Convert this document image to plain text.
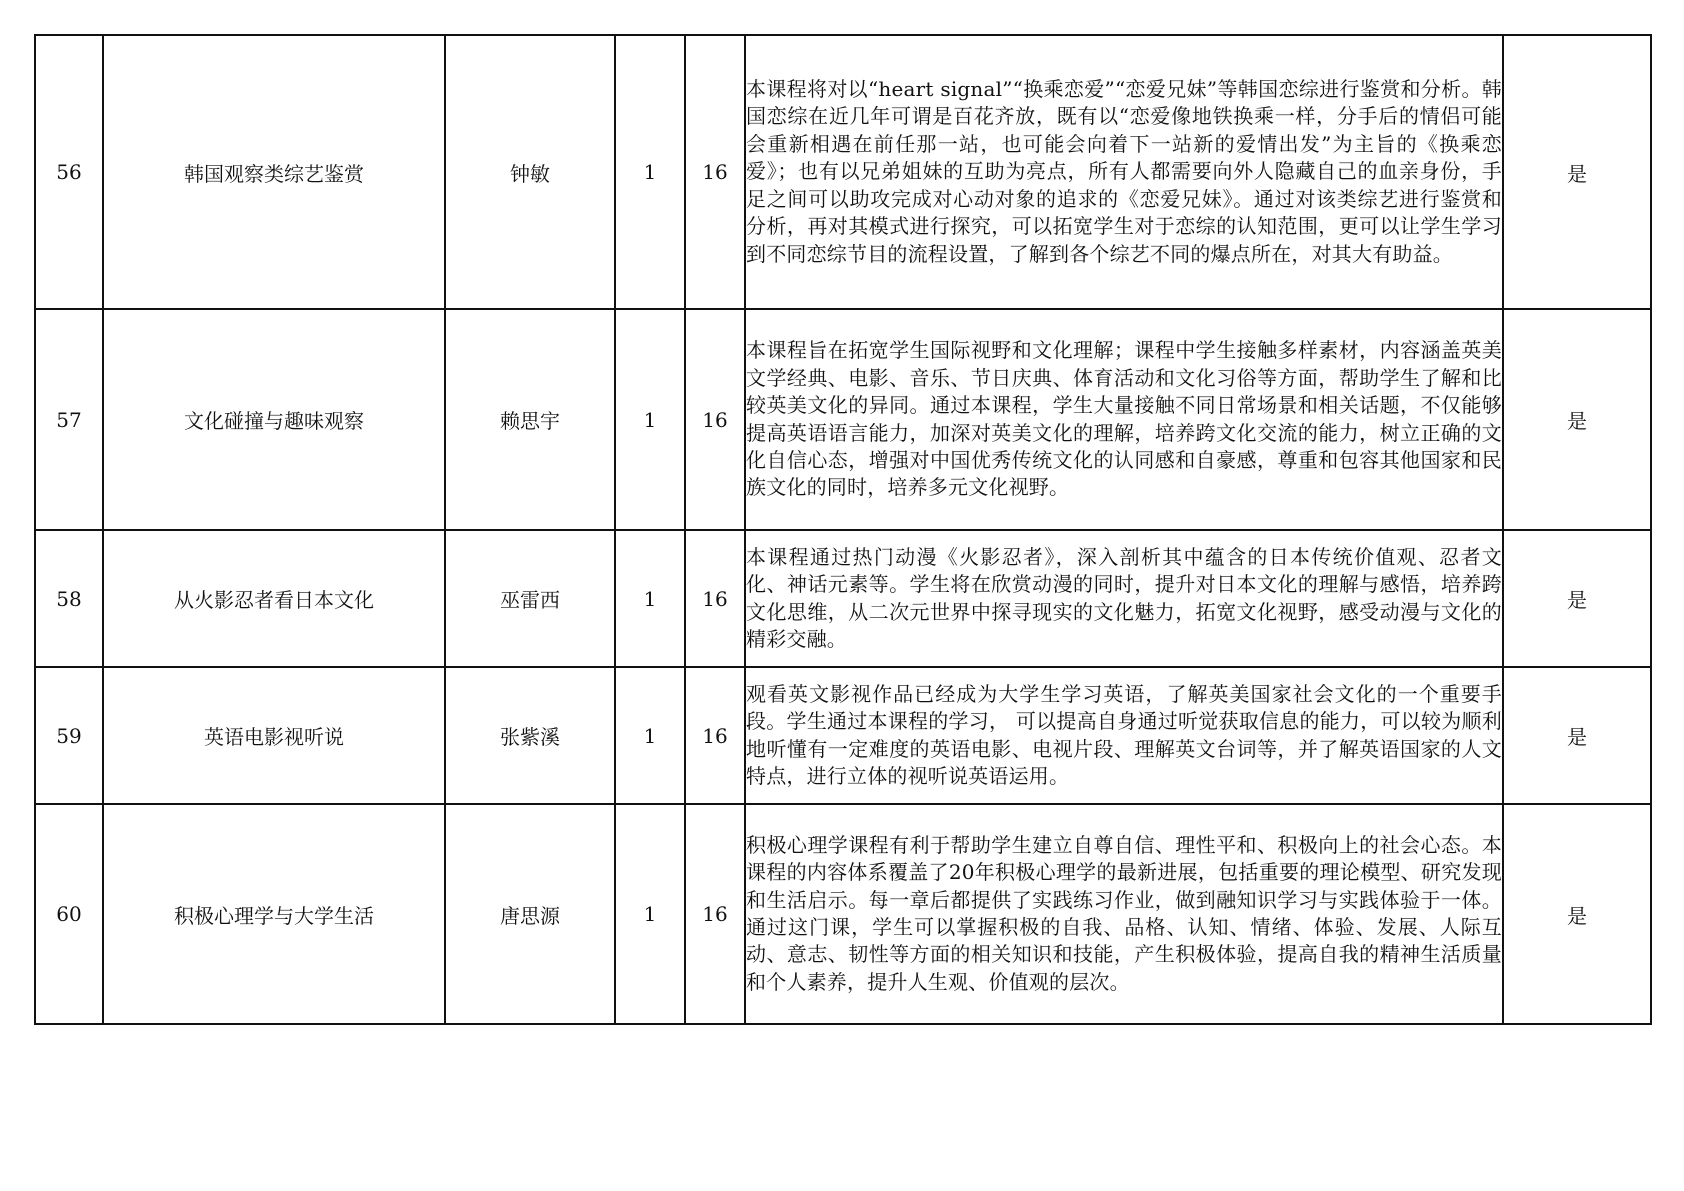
56	韩国观察类综艺鉴赏	钟敏	1	16	本课程将对以“heart signal”“换乘恋爱”“恋爱兄妹”等韩国恋综进行鉴赏和分析。韩国恋综在近几年可谓是百花齐放，既有以“恋爱像地铁换乘一样，分手后的情侣可能会重新相遇在前任那一站，也可能会向着下一站新的爱情出发”为主旨的《换乘恋爱》；也有以兄弟姐妹的互助为亮点，所有人都需要向外人隐藏自己的血亲身份，手足之间可以助攻完成对心动对象的追求的《恋爱兄妹》。通过对该类综艺进行鉴赏和分析，再对其模式进行探究，可以拓宽学生对于恋综的认知范围，更可以让学生学习到不同恋综节目的流程设置，了解到各个综艺不同的爆点所在，对其大有助益。	是
57	文化碰撞与趣味观察	赖思宇	1	16	本课程旨在拓宽学生国际视野和文化理解；课程中学生接触多样素材，内容涵盖英美文学经典、电影、音乐、节日庆典、体育活动和文化习俗等方面，帮助学生了解和比较英美文化的异同。通过本课程，学生大量接触不同日常场景和相关话题，不仅能够提高英语语言能力，加深对英美文化的理解，培养跨文化交流的能力，树立正确的文化自信心态，增强对中国优秀传统文化的认同感和自豪感，尊重和包容其他国家和民族文化的同时，培养多元文化视野。	是
58	从火影忍者看日本文化	巫雷西	1	16	本课程通过热门动漫《火影忍者》，深入剖析其中蕴含的日本传统价值观、忍者文化、神话元素等。学生将在欣赏动漫的同时，提升对日本文化的理解与感悟，培养跨文化思维，从二次元世界中探寻现实的文化魅力，拓宽文化视野，感受动漫与文化的精彩交融。	是
59	英语电影视听说	张紫溪	1	16	观看英文影视作品已经成为大学生学习英语，了解英美国家社会文化的一个重要手段。学生通过本课程的学习， 可以提高自身通过听觉获取信息的能力，可以较为顺利地听懂有一定难度的英语电影、电视片段、理解英文台词等，并了解英语国家的人文特点，进行立体的视听说英语运用。	是
60	积极心理学与大学生活	唐思源	1	16	积极心理学课程有利于帮助学生建立自尊自信、理性平和、积极向上的社会心态。本课程的内容体系覆盖了20年积极心理学的最新进展，包括重要的理论模型、研究发现和生活启示。每一章后都提供了实践练习作业，做到融知识学习与实践体验于一体。通过这门课，学生可以掌握积极的自我、品格、认知、情绪、体验、发展、人际互动、意志、韧性等方面的相关知识和技能，产生积极体验，提高自我的精神生活质量和个人素养，提升人生观、价值观的层次。	是
